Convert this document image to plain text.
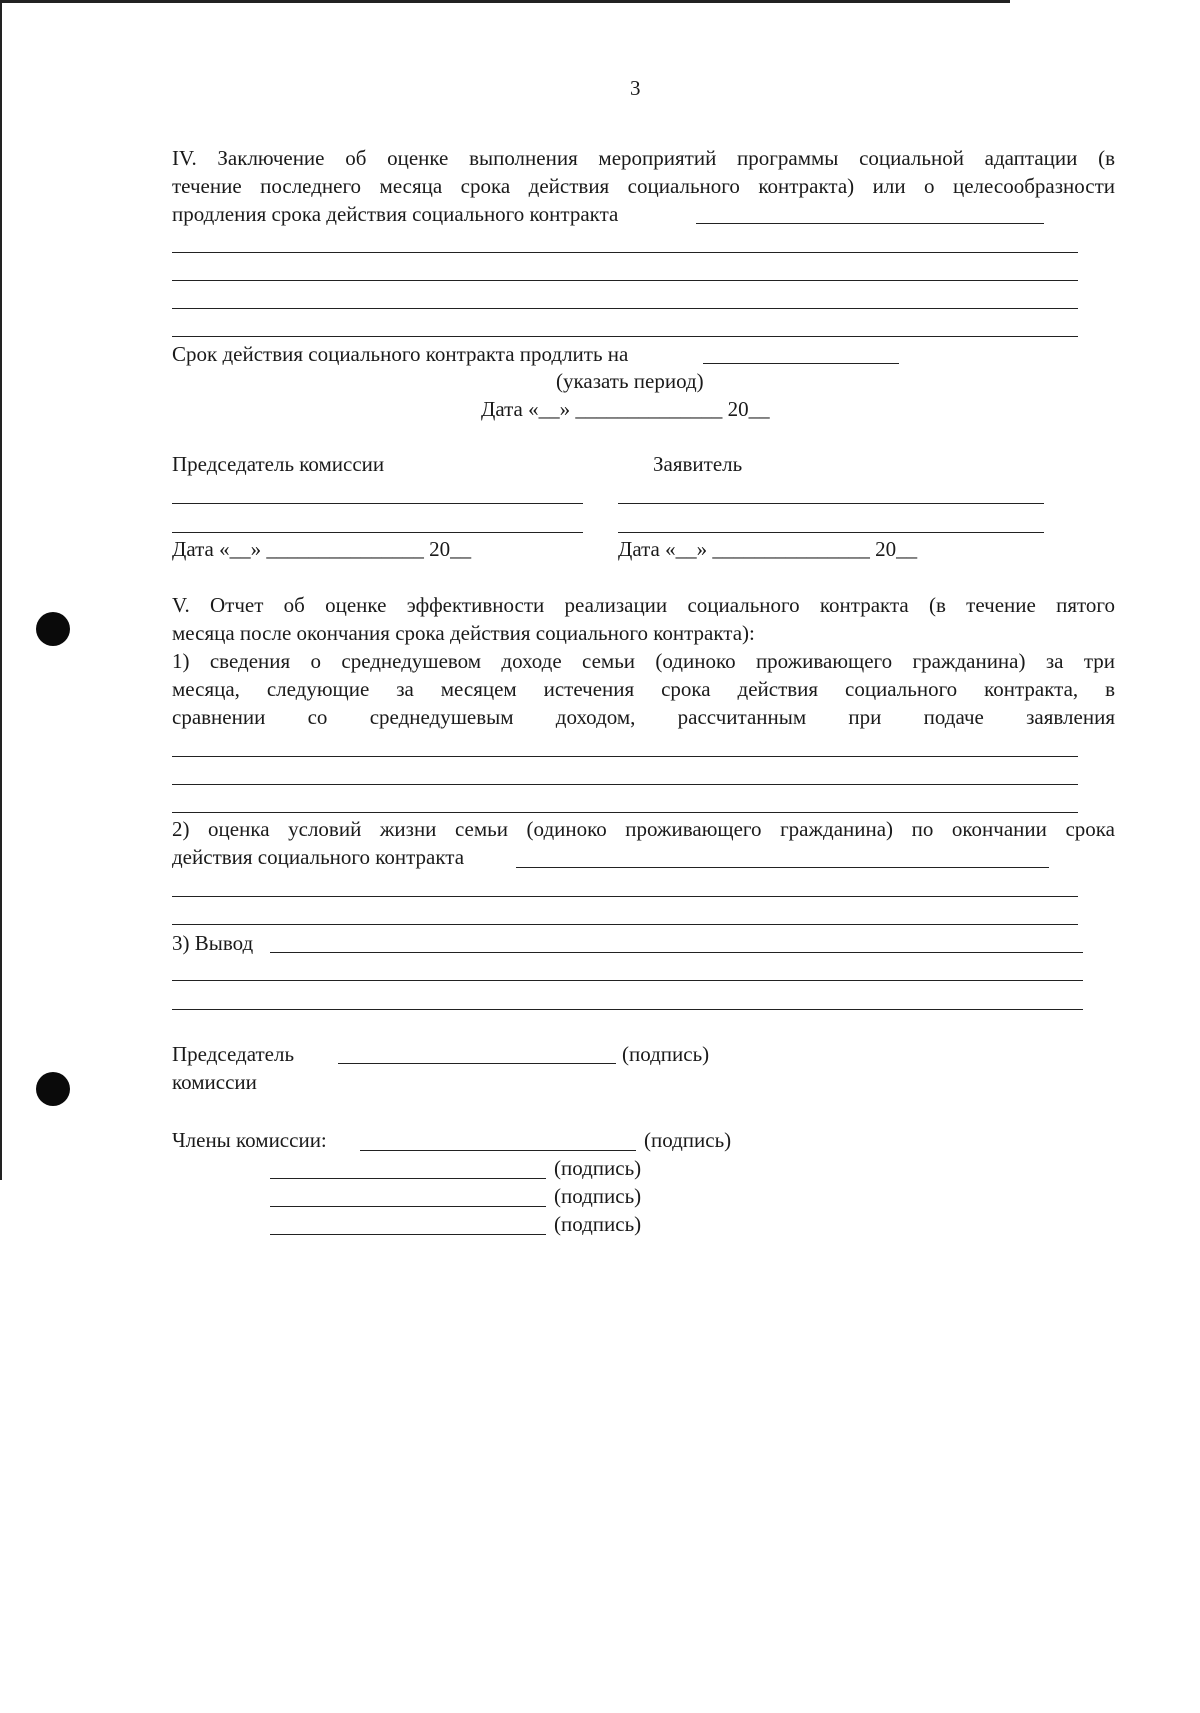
3
IV. Заключение об оценке выполнения мероприятий программы социальной адаптации (в
течение последнего месяца срока действия социального контракта) или о целесообразности
продления срока действия социального контракта
Срок действия социального контракта продлить на
(указать период)
Дата «__» ______________ 20__
Председатель комиссии	Заявитель
Дата «__» _______________ 20__	Дата «__» _______________ 20__
V. Отчет об оценке эффективности реализации социального контракта (в течение пятого
месяца после окончания срока действия социального контракта):
1) сведения о среднедушевом доходе семьи (одиноко проживающего гражданина) за три
месяца, следующие за месяцем истечения срока действия социального контракта, в
сравнении со среднедушевым доходом, рассчитанным при подаче заявления
2) оценка условий жизни семьи (одиноко проживающего гражданина) по окончании срока
действия социального контракта
3) Вывод
Председатель
комиссии
(подпись)
Члены комиссии:	(подпись)
(подпись)
(подпись)
(подпись)
